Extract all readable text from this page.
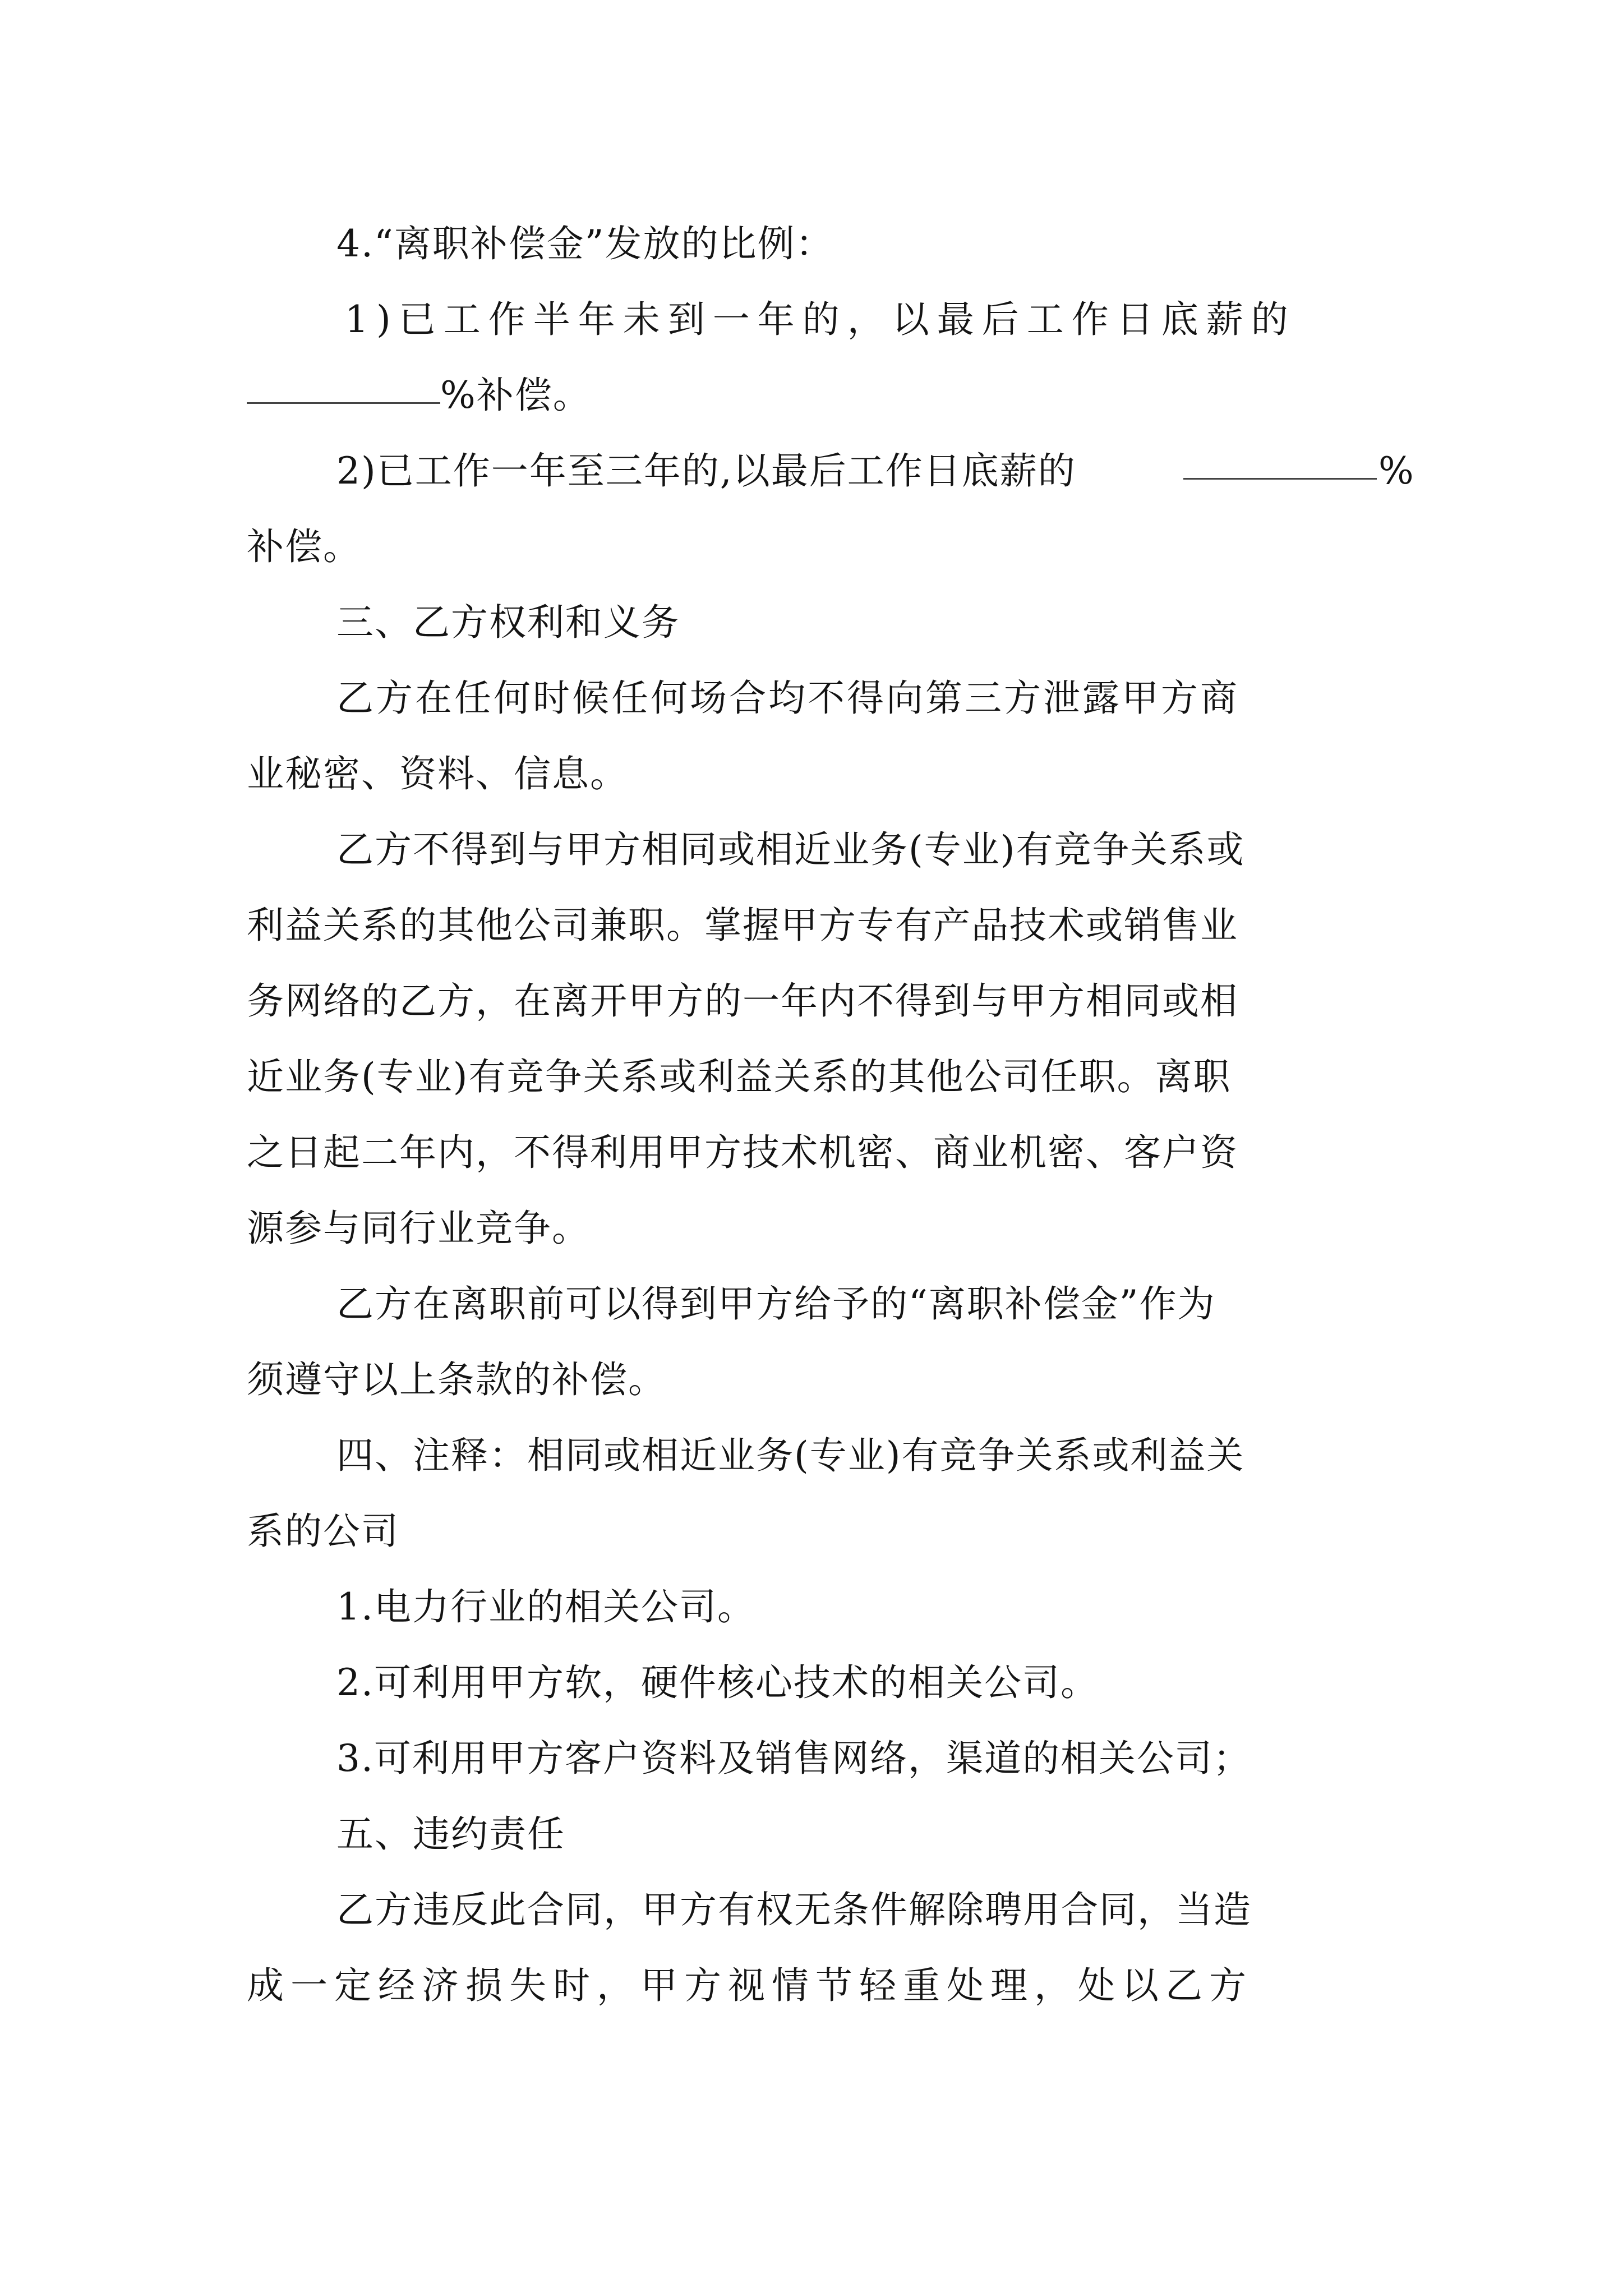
4.“离职补偿金”发放的比例：
1)已工作半年未到一年的，以最后工作日底薪的
%补偿。
2)已工作一年至三年的,以最后工作日底薪的	%
补偿。
三、乙方权利和义务
乙方在任何时候任何场合均不得向第三方泄露甲方商
业秘密、资料、信息。
乙方不得到与甲方相同或相近业务(专业)有竞争关系或
利益关系的其他公司兼职。掌握甲方专有产品技术或销售业
务网络的乙方，在离开甲方的一年内不得到与甲方相同或相
近业务(专业)有竞争关系或利益关系的其他公司任职。离职
之日起二年内，不得利用甲方技术机密、商业机密、客户资
源参与同行业竞争。
乙方在离职前可以得到甲方给予的“离职补偿金”作为
须遵守以上条款的补偿。
四、注释：相同或相近业务(专业)有竞争关系或利益关
系的公司
1.电力行业的相关公司。
2.可利用甲方软，硬件核心技术的相关公司。
3.可利用甲方客户资料及销售网络，渠道的相关公司；
五、违约责任
乙方违反此合同，甲方有权无条件解除聘用合同，当造
成一定经济损失时，甲方视情节轻重处理，处以乙方
